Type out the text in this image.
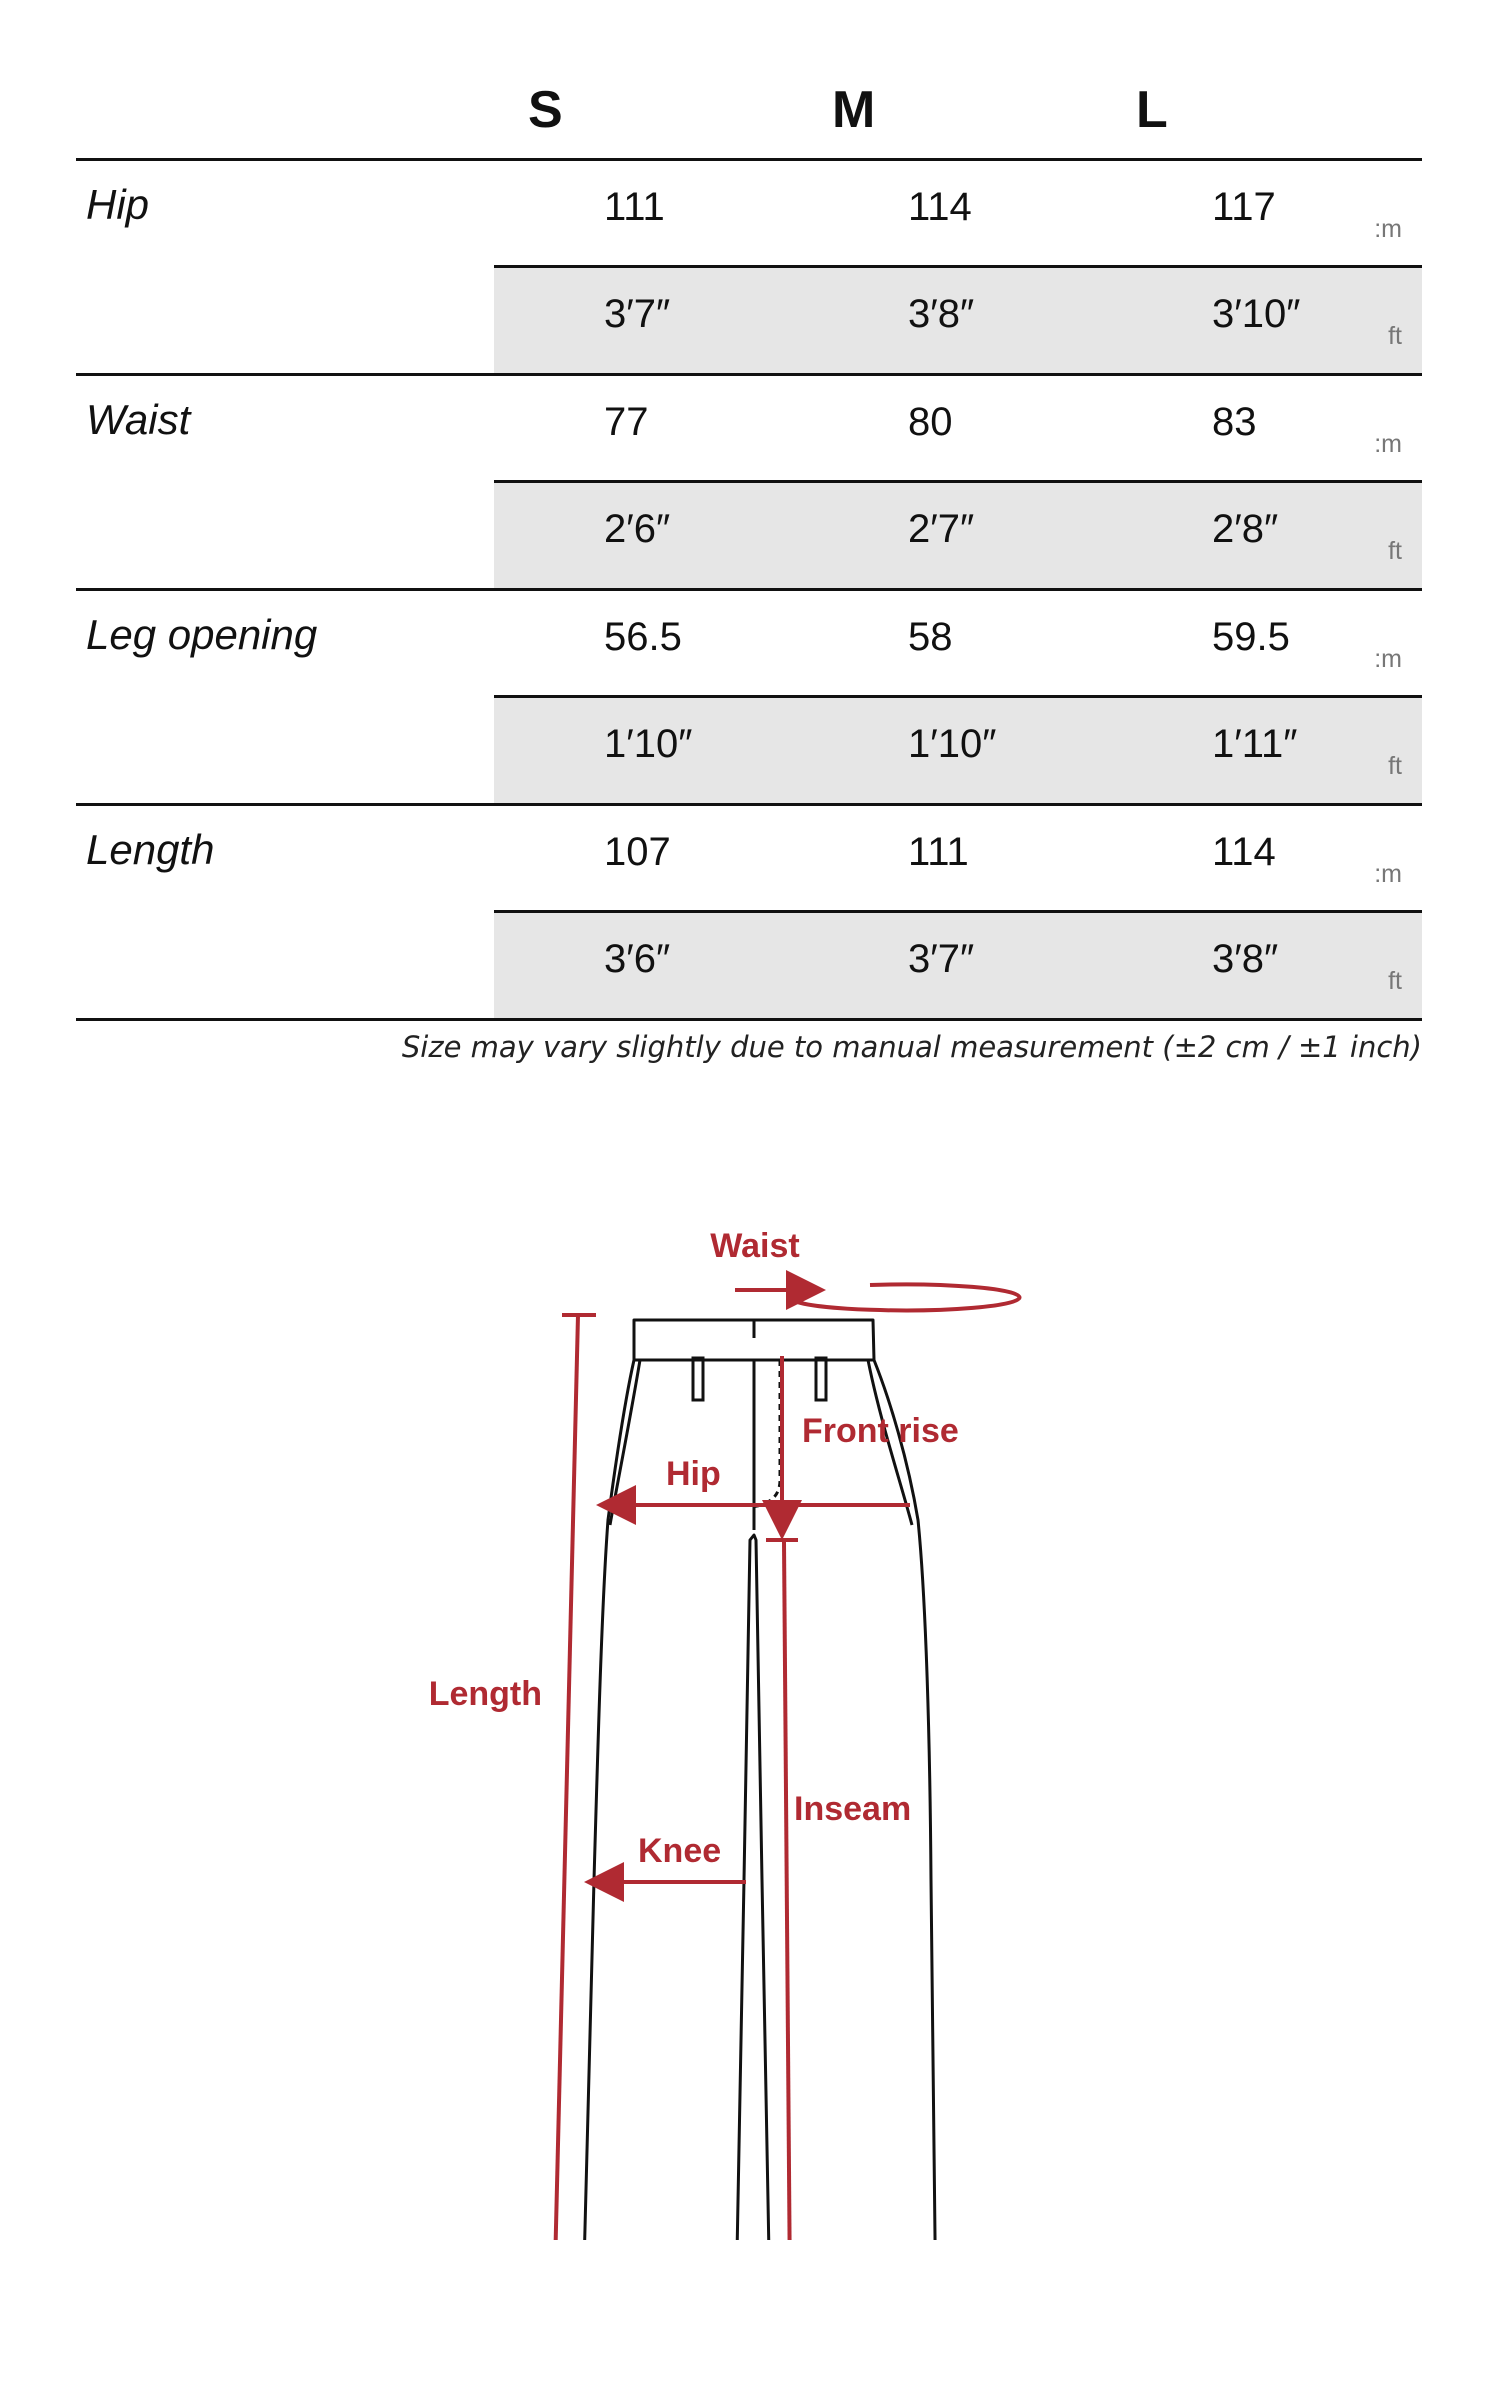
S	M	L
Hip	111	114	117	:m
3′7″	3′8″	3′10″	ft
Waist	77	80	83	:m
2′6″	2′7″	2′8″	ft
Leg opening	56.5	58	59.5	:m
1′10″	1′10″	1′11″	ft
Length	107	111	114	:m
3′6″	3′7″	3′8″	ft
Size may vary slightly due to manual measurement (±2 cm / ±1 inch)
Waist
Front rise
Hip
Length
Inseam
Knee
